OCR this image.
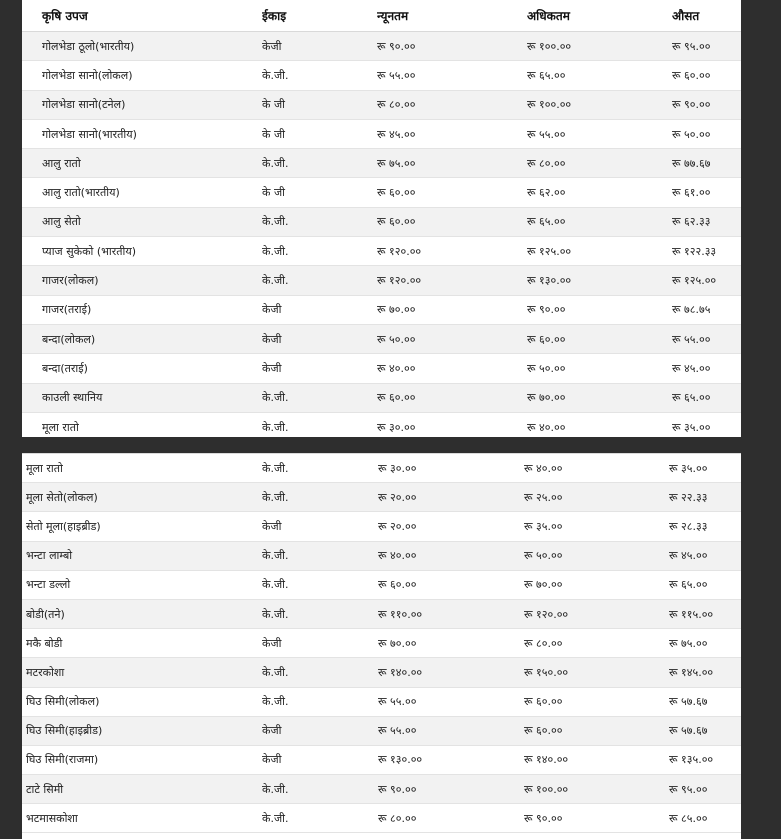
कृषि उपज	ईकाइ	न्यूनतम	अधिकतम	औसत
गोलभेडा ठूलो(भारतीय)	केजी	रू ९०.००	रू १००.००	रू ९५.००
गोलभेडा सानो(लोकल)	के.जी.	रू ५५.००	रू ६५.००	रू ६०.००
गोलभेडा सानो(टनेल)	के जी	रू ८०.००	रू १००.००	रू ९०.००
गोलभेडा सानो(भारतीय)	के जी	रू ४५.००	रू ५५.००	रू ५०.००
आलु रातो	के.जी.	रू ७५.००	रू ८०.००	रू ७७.६७
आलु रातो(भारतीय)	के जी	रू ६०.००	रू ६२.००	रू ६१.००
आलु सेतो	के.जी.	रू ६०.००	रू ६५.००	रू ६२.३३
प्याज सुकेको (भारतीय)	के.जी.	रू १२०.००	रू १२५.००	रू १२२.३३
गाजर(लोकल)	के.जी.	रू १२०.००	रू १३०.००	रू १२५.००
गाजर(तराई)	केजी	रू ७०.००	रू ९०.००	रू ७८.७५
बन्दा(लोकल)	केजी	रू ५०.००	रू ६०.००	रू ५५.००
बन्दा(तराई)	केजी	रू ४०.००	रू ५०.००	रू ४५.००
काउली स्थानिय	के.जी.	रू ६०.००	रू ७०.००	रू ६५.००
मूला रातो	के.जी.	रू ३०.००	रू ४०.००	रू ३५.००
मूला रातो	के.जी.	रू ३०.००	रू ४०.००	रू ३५.००
मूला सेतो(लोकल)	के.जी.	रू २०.००	रू २५.००	रू २२.३३
सेतो मूला(हाइब्रीड)	केजी	रू २०.००	रू ३५.००	रू २८.३३
भन्टा लाम्बो	के.जी.	रू ४०.००	रू ५०.००	रू ४५.००
भन्टा डल्लो	के.जी.	रू ६०.००	रू ७०.००	रू ६५.००
बोडी(तने)	के.जी.	रू ११०.००	रू १२०.००	रू ११५.००
मकै बोडी	केजी	रू ७०.००	रू ८०.००	रू ७५.००
मटरकोशा	के.जी.	रू १४०.००	रू १५०.००	रू १४५.००
घिउ सिमी(लोकल)	के.जी.	रू ५५.००	रू ६०.००	रू ५७.६७
घिउ सिमी(हाइब्रीड)	केजी	रू ५५.००	रू ६०.००	रू ५७.६७
घिउ सिमी(राजमा)	केजी	रू १३०.००	रू १४०.००	रू १३५.००
टाटे सिमी	के.जी.	रू ९०.००	रू १००.००	रू ९५.००
भटमासकोशा	के.जी.	रू ८०.००	रू ९०.००	रू ८५.००
